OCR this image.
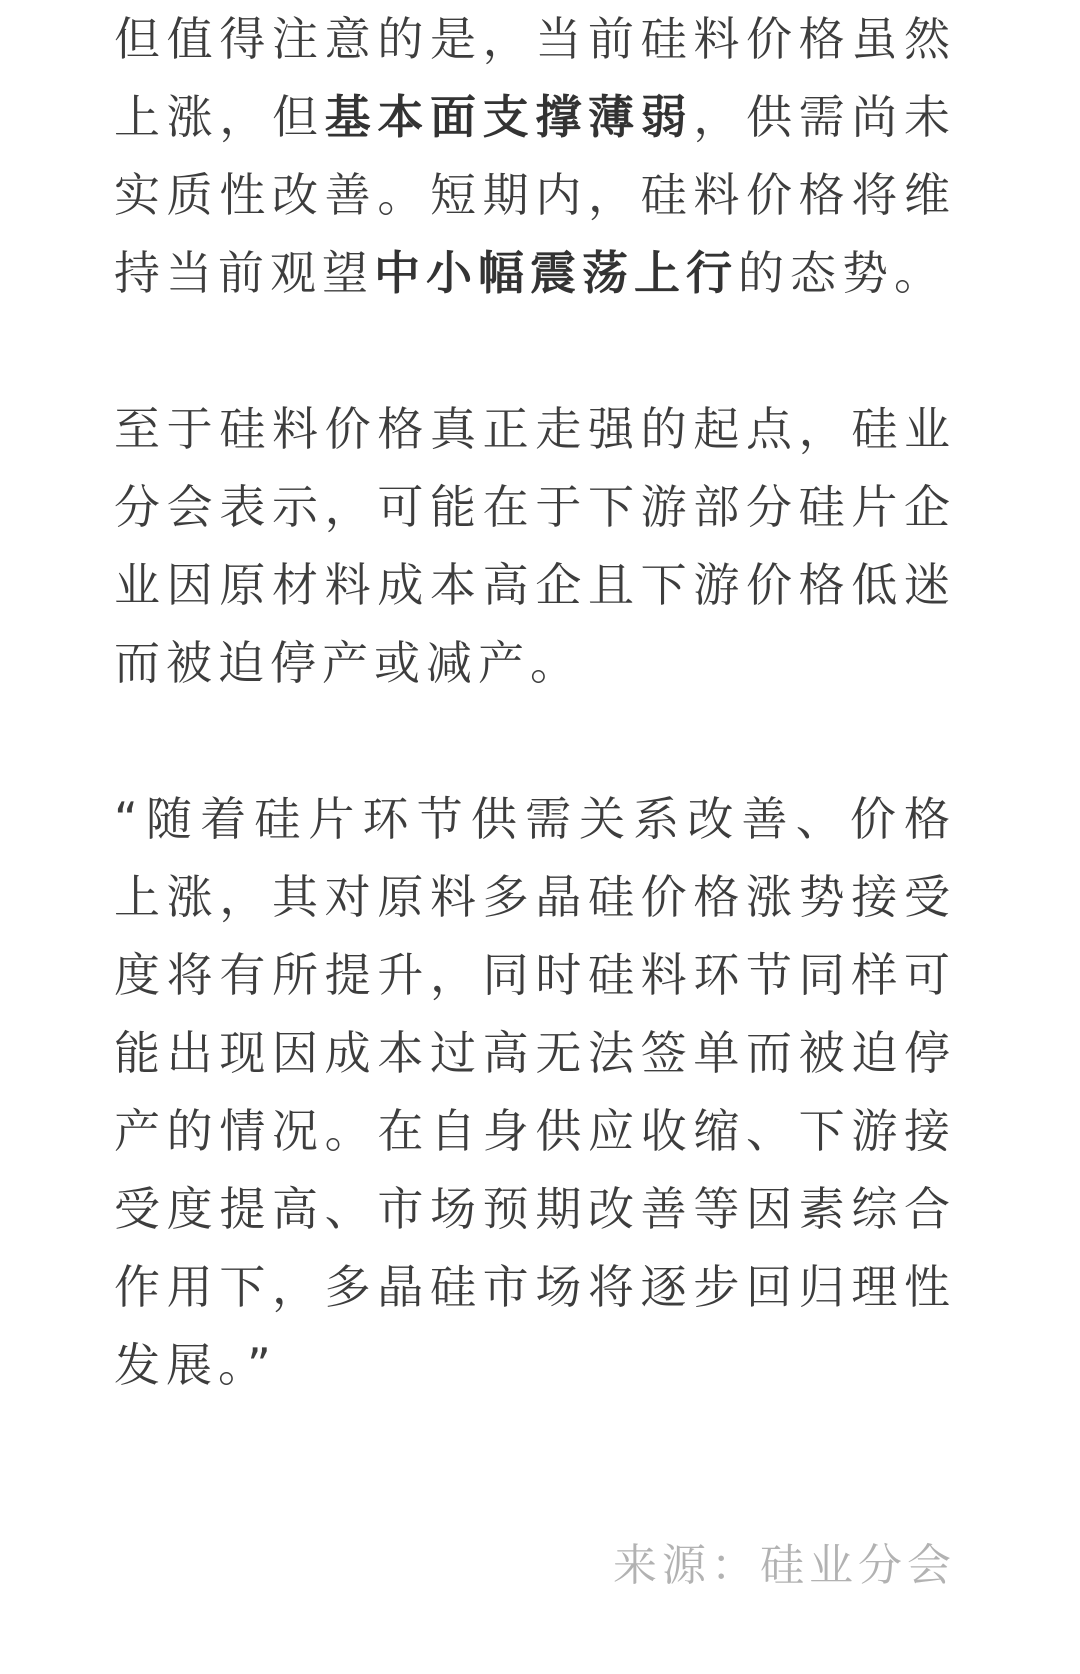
但值得注意的是，当前硅料价格虽然上涨，但基本面支撑薄弱，供需尚未实质性改善。短期内，硅料价格将维持当前观望中小幅震荡上行的态势。

至于硅料价格真正走强的起点，硅业分会表示，可能在于下游部分硅片企业因原材料成本高企且下游价格低迷而被迫停产或减产。

“随着硅片环节供需关系改善、价格上涨，其对原料多晶硅价格涨势接受度将有所提升，同时硅料环节同样可能出现因成本过高无法签单而被迫停产的情况。在自身供应收缩、下游接受度提高、市场预期改善等因素综合作用下，多晶硅市场将逐步回归理性发展。”

来源：硅业分会
